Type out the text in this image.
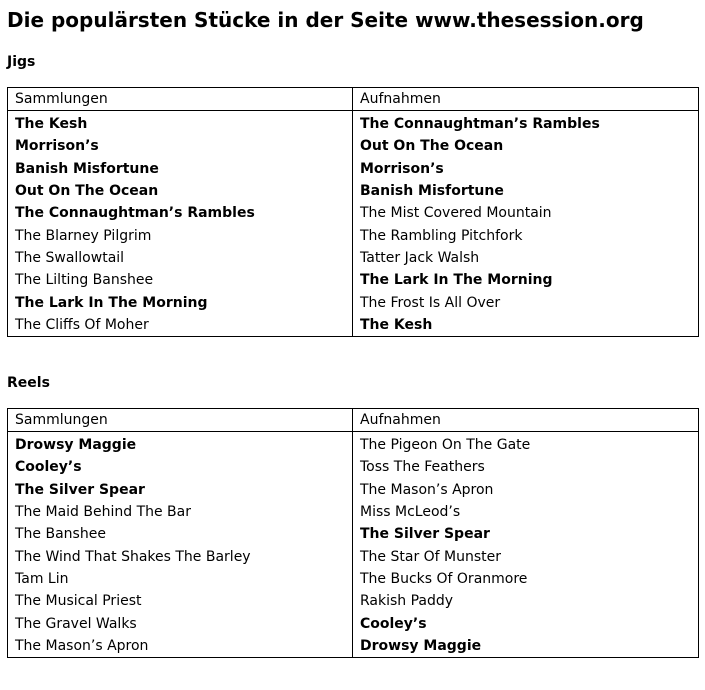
Die populärsten Stücke in der Seite www.thesession.org
Jigs
Sammlungen	Aufnahmen
The Kesh	The Connaughtman’s Rambles
Morrison’s	Out On The Ocean
Banish Misfortune	Morrison’s
Out On The Ocean	Banish Misfortune
The Connaughtman’s Rambles	The Mist Covered Mountain
The Blarney Pilgrim	The Rambling Pitchfork
The Swallowtail	Tatter Jack Walsh
The Lilting Banshee	The Lark In The Morning
The Lark In The Morning	The Frost Is All Over
The Cliffs Of Moher	The Kesh
Reels
Sammlungen	Aufnahmen
Drowsy Maggie	The Pigeon On The Gate
Cooley’s	Toss The Feathers
The Silver Spear	The Mason’s Apron
The Maid Behind The Bar	Miss McLeod’s
The Banshee	The Silver Spear
The Wind That Shakes The Barley	The Star Of Munster
Tam Lin	The Bucks Of Oranmore
The Musical Priest	Rakish Paddy
The Gravel Walks	Cooley’s
The Mason’s Apron	Drowsy Maggie
